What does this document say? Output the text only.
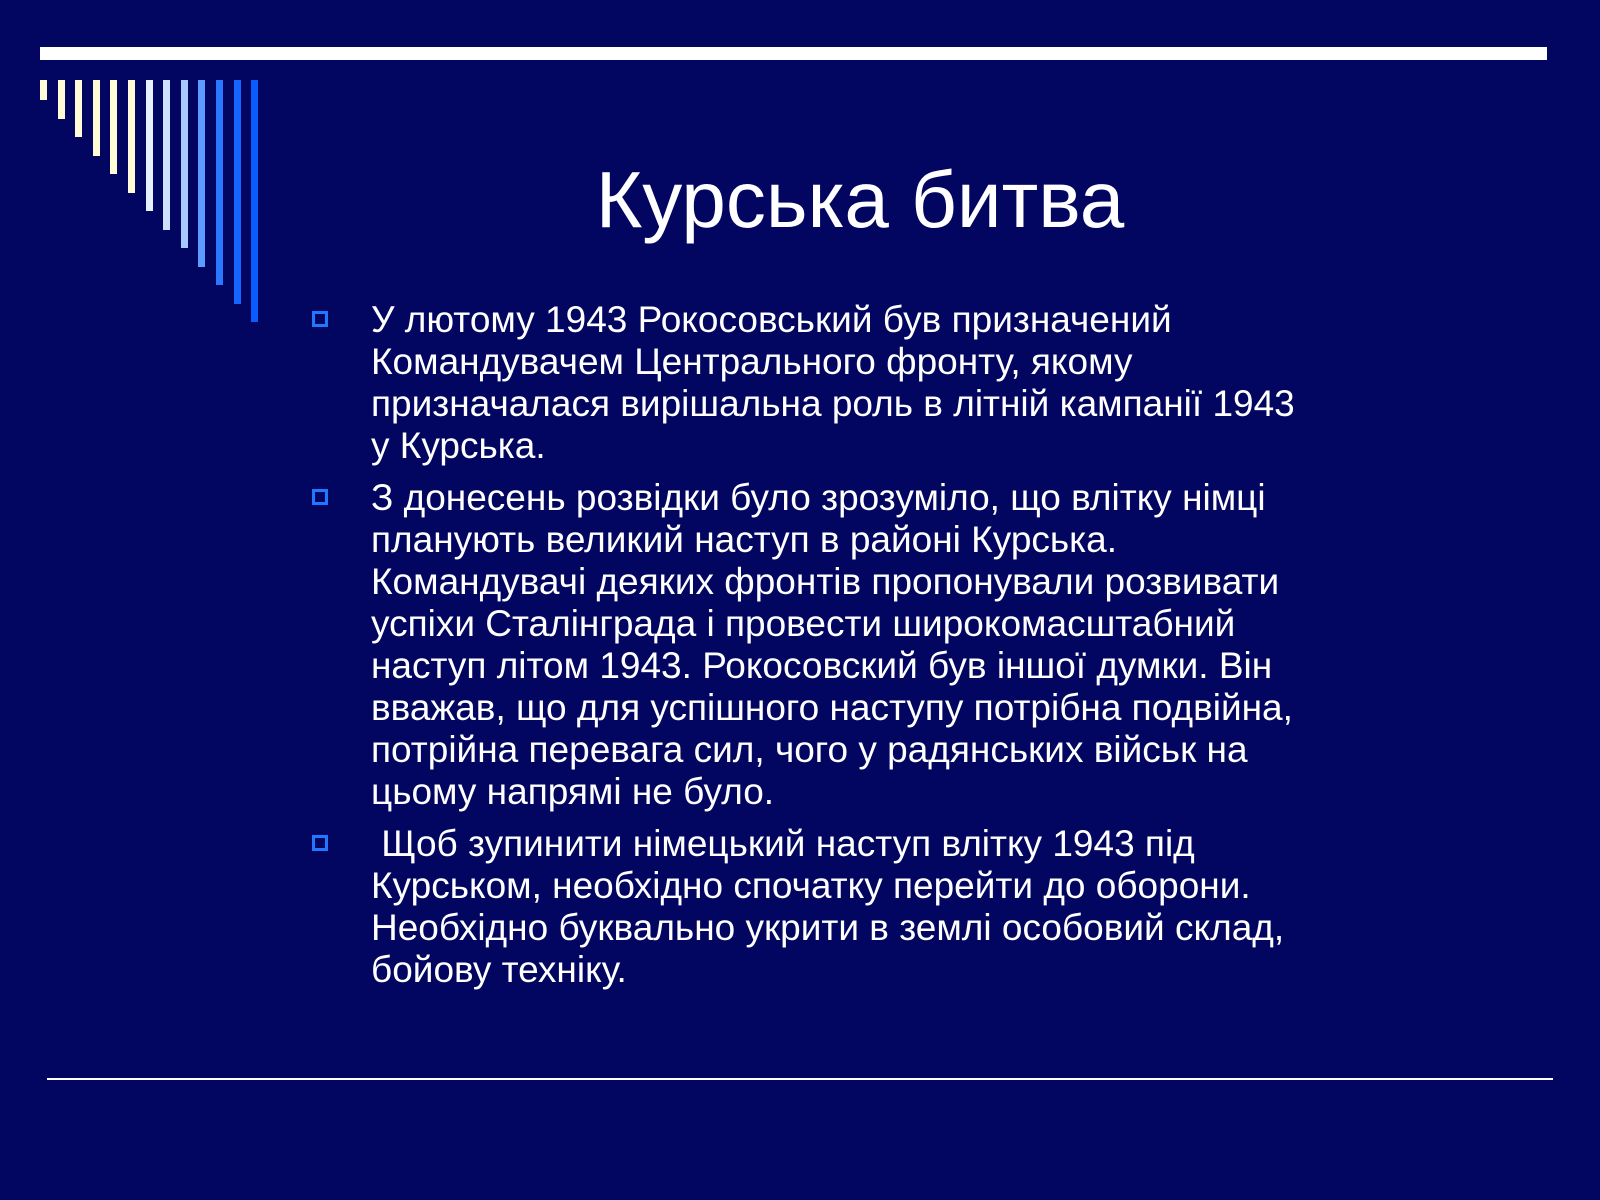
Курська битва
У лютому 1943 Рокосовський був призначений
Командувачем Центрального фронту, якому
призначалася вирішальна роль в літній кампанії 1943
у Курська.
З донесень розвідки було зрозуміло, що влітку німці
планують великий наступ в районі Курська.
Командувачі деяких фронтів пропонували розвивати
успіхи Сталінграда і провести широкомасштабний
наступ літом 1943. Рокосовский був іншої думки. Він
вважав, що для успішного наступу потрібна подвійна,
потрійна перевага сил, чого у радянських військ на
цьому напрямі не було.
Щоб зупинити німецький наступ влітку 1943 під
Курськом, необхідно спочатку перейти до оборони.
Необхідно буквально укрити в землі особовий склад,
бойову техніку.
